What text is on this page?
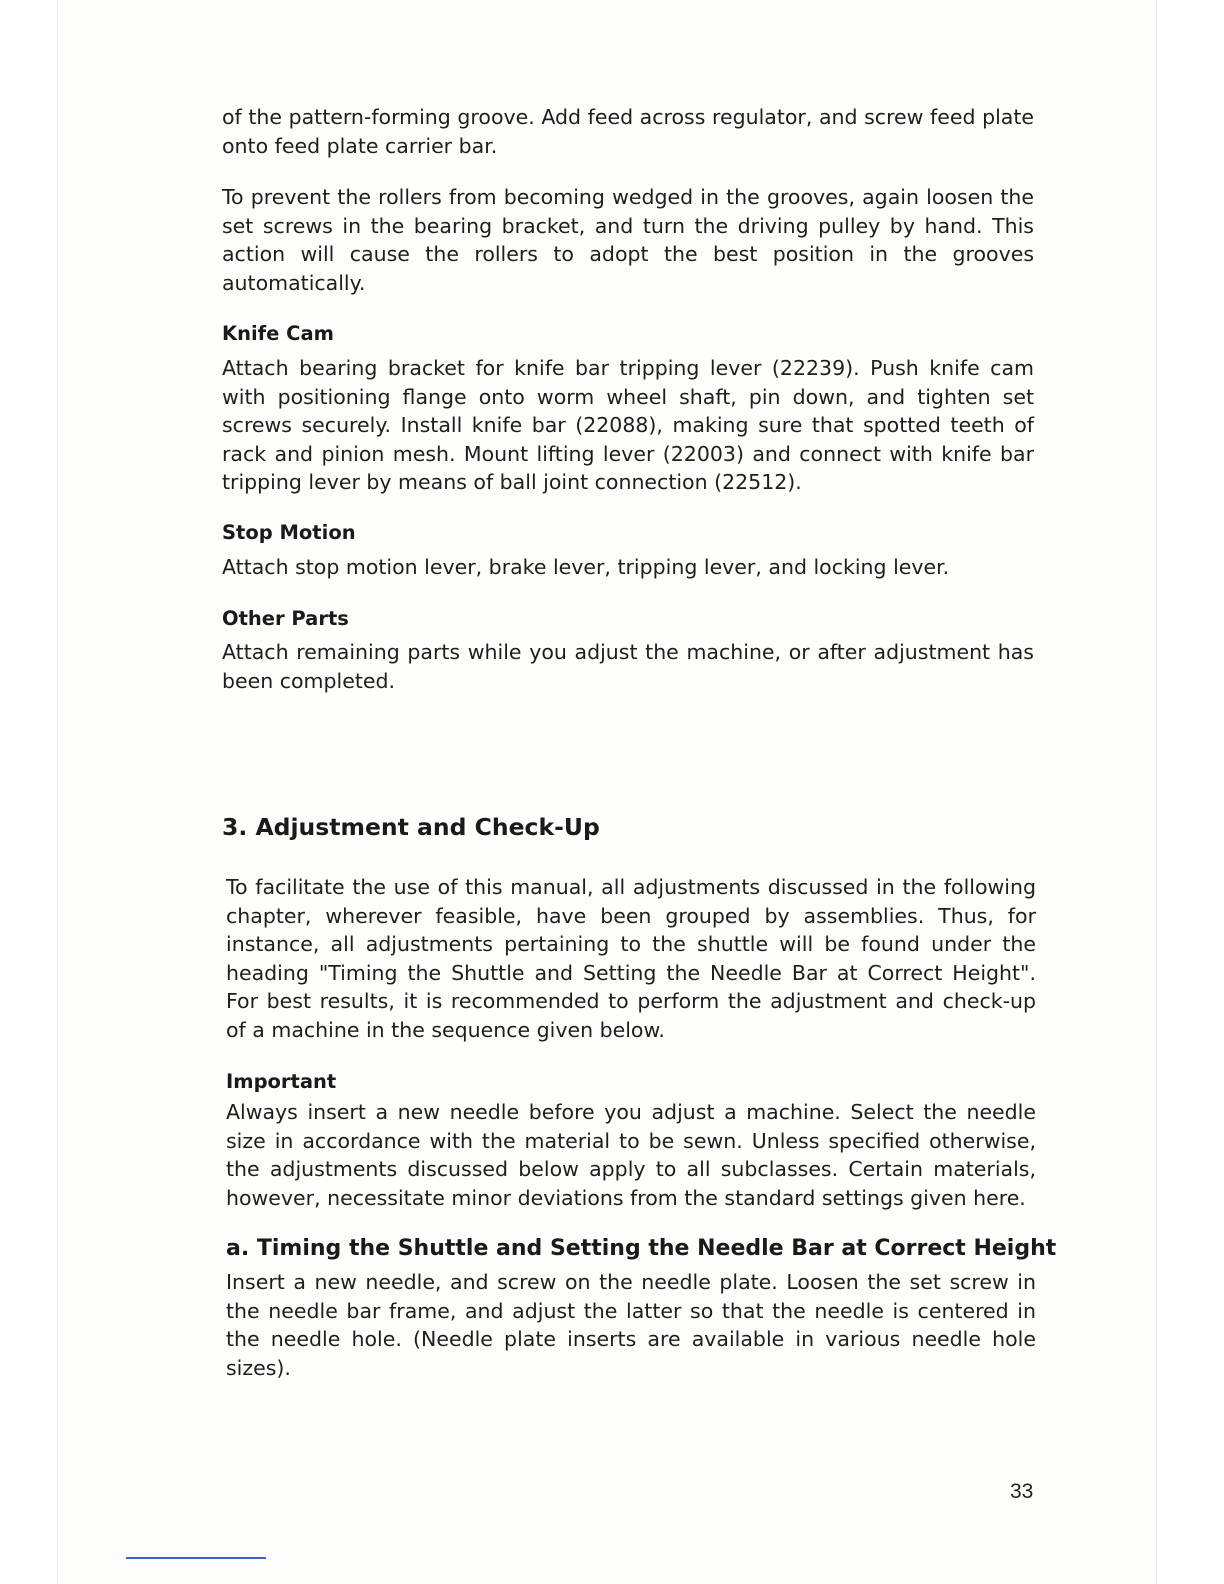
of the pattern-forming groove. Add feed across regulator, and screw feed plate onto feed plate carrier bar.

To prevent the rollers from becoming wedged in the grooves, again loosen the set screws in the bearing bracket, and turn the driving pulley by hand. This action will cause the rollers to adopt the best position in the grooves automatically.

Knife Cam

Attach bearing bracket for knife bar tripping lever (22239). Push knife cam with positioning flange onto worm wheel shaft, pin down, and tighten set screws securely. Install knife bar (22088), making sure that spotted teeth of rack and pinion mesh. Mount lifting lever (22003) and connect with knife bar tripping lever by means of ball joint connection (22512).

Stop Motion

Attach stop motion lever, brake lever, tripping lever, and locking lever.

Other Parts

Attach remaining parts while you adjust the machine, or after adjustment has been completed.

3. Adjustment and Check-Up

To facilitate the use of this manual, all adjustments discussed in the following chapter, wherever feasible, have been grouped by assemblies. Thus, for instance, all adjustments pertaining to the shuttle will be found under the heading "Timing the Shuttle and Setting the Needle Bar at Correct Height". For best results, it is recommended to perform the adjustment and check-up of a machine in the sequence given below.

Important

Always insert a new needle before you adjust a machine. Select the needle size in accordance with the material to be sewn. Unless specified otherwise, the adjustments discussed below apply to all subclasses. Certain materials, however, necessitate minor deviations from the standard settings given here.

a. Timing the Shuttle and Setting the Needle Bar at Correct Height

Insert a new needle, and screw on the needle plate. Loosen the set screw in the needle bar frame, and adjust the latter so that the needle is centered in the needle hole. (Needle plate inserts are available in various needle hole sizes).

33
